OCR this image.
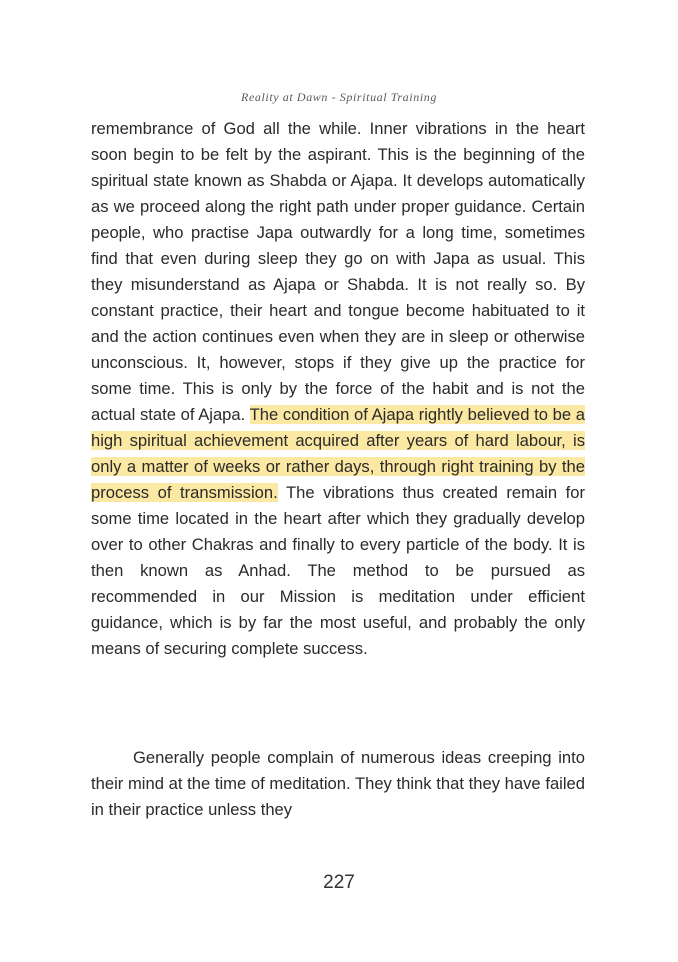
Reality at Dawn - Spiritual Training

remembrance of God all the while. Inner vibrations in the heart soon begin to be felt by the aspirant. This is the beginning of the spiritual state known as Shabda or Ajapa. It develops automatically as we proceed along the right path under proper guidance. Certain people, who practise Japa outwardly for a long time, sometimes find that even during sleep they go on with Japa as usual. This they misunderstand as Ajapa or Shabda. It is not really so. By constant practice, their heart and tongue become habituated to it and the action continues even when they are in sleep or otherwise unconscious. It, however, stops if they give up the practice for some time. This is only by the force of the habit and is not the actual state of Ajapa. The condition of Ajapa rightly believed to be a high spiritual achievement acquired after years of hard labour, is only a matter of weeks or rather days, through right training by the process of transmission. The vibrations thus created remain for some time located in the heart after which they gradually develop over to other Chakras and finally to every particle of the body. It is then known as Anhad. The method to be pursued as recommended in our Mission is meditation under efficient guidance, which is by far the most useful, and probably the only means of securing complete success.

Generally people complain of numerous ideas creeping into their mind at the time of meditation. They think that they have failed in their practice unless they

227
